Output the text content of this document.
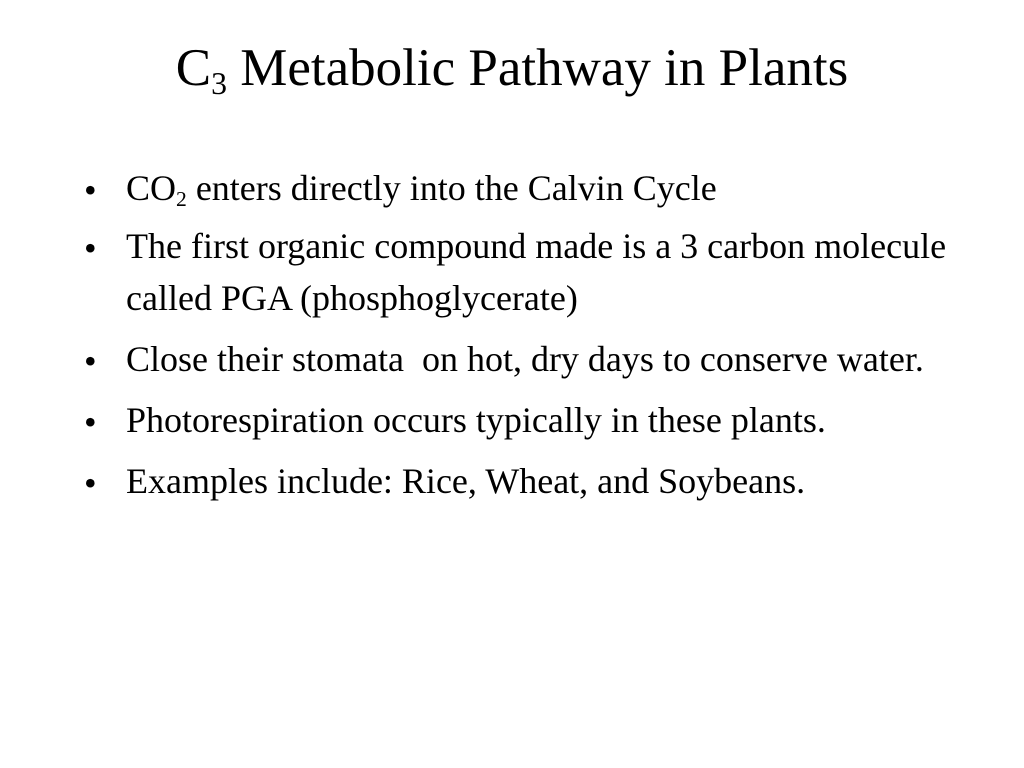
$C_3$ Metabolic Pathway in Plants
• $CO_2$ enters directly into the Calvin Cycle
• The first organic compound made is a 3 carbon molecule called PGA (phosphoglycerate)
• Close their stomata  on hot, dry days to conserve water.
• Photorespiration occurs typically in these plants.
• Examples include: Rice, Wheat, and Soybeans.
